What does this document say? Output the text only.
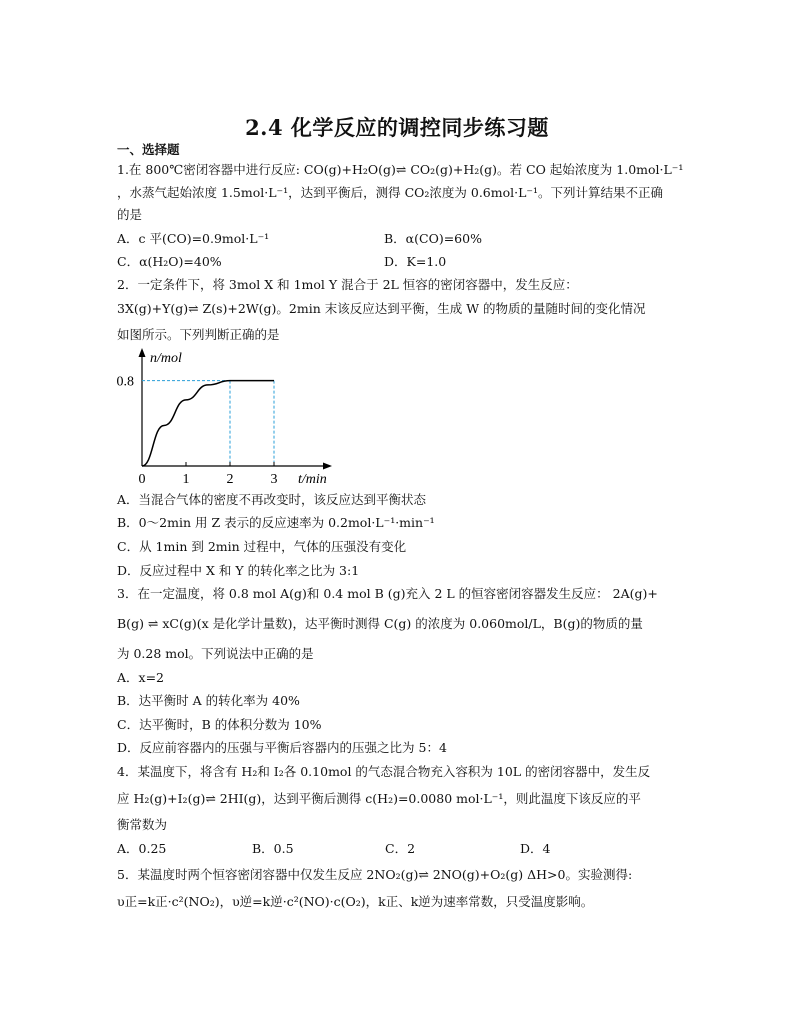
2.4 化学反应的调控同步练习题
一、选择题
1.在 800℃密闭容器中进行反应: CO(g)+H₂O(g)⇌ CO₂(g)+H₂(g)。若 CO 起始浓度为 1.0mol·L⁻¹
，水蒸气起始浓度 1.5mol·L⁻¹，达到平衡后，测得 CO₂浓度为 0.6mol·L⁻¹。下列计算结果不正确
的是
A．c 平(CO)=0.9mol·L⁻¹	B．α(CO)=60%
C．α(H₂O)=40%	D．K=1.0
2．一定条件下，将 3mol X 和 1mol Y 混合于 2L 恒容的密闭容器中，发生反应：
3X(g)+Y(g)⇌ Z(s)+2W(g)。2min 末该反应达到平衡，生成 W 的物质的量随时间的变化情况
如图所示。下列判断正确的是
0	1	2	3
0.8
n/mol
t/min
A．当混合气体的密度不再改变时，该反应达到平衡状态
B．0～2min 用 Z 表示的反应速率为 0.2mol·L⁻¹·min⁻¹
C．从 1min 到 2min 过程中，气体的压强没有变化
D．反应过程中 X 和 Y 的转化率之比为 3:1
3．在一定温度，将 0.8 mol A(g)和 0.4 mol B (g)充入 2 L 的恒容密闭容器发生反应： 2A(g)+
B(g) ⇌ xC(g)(x 是化学计量数)，达平衡时测得 C(g) 的浓度为 0.060mol/L，B(g)的物质的量
为 0.28 mol。下列说法中正确的是
A．x=2
B．达平衡时 A 的转化率为 40%
C．达平衡时，B 的体积分数为 10%
D．反应前容器内的压强与平衡后容器内的压强之比为 5：4
4．某温度下，将含有 H₂和 I₂各 0.10mol 的气态混合物充入容积为 10L 的密闭容器中，发生反
应 H₂(g)+I₂(g)⇌ 2HI(g)，达到平衡后测得 c(H₂)=0.0080 mol·L⁻¹，则此温度下该反应的平
衡常数为
A．0.25	B．0.5	C．2	D．4
5．某温度时两个恒容密闭容器中仅发生反应 2NO₂(g)⇌ 2NO(g)+O₂(g) ΔH>0。实验测得:
υ正=k正·c²(NO₂)，υ逆=k逆·c²(NO)·c(O₂)，k正、k逆为速率常数，只受温度影响。
